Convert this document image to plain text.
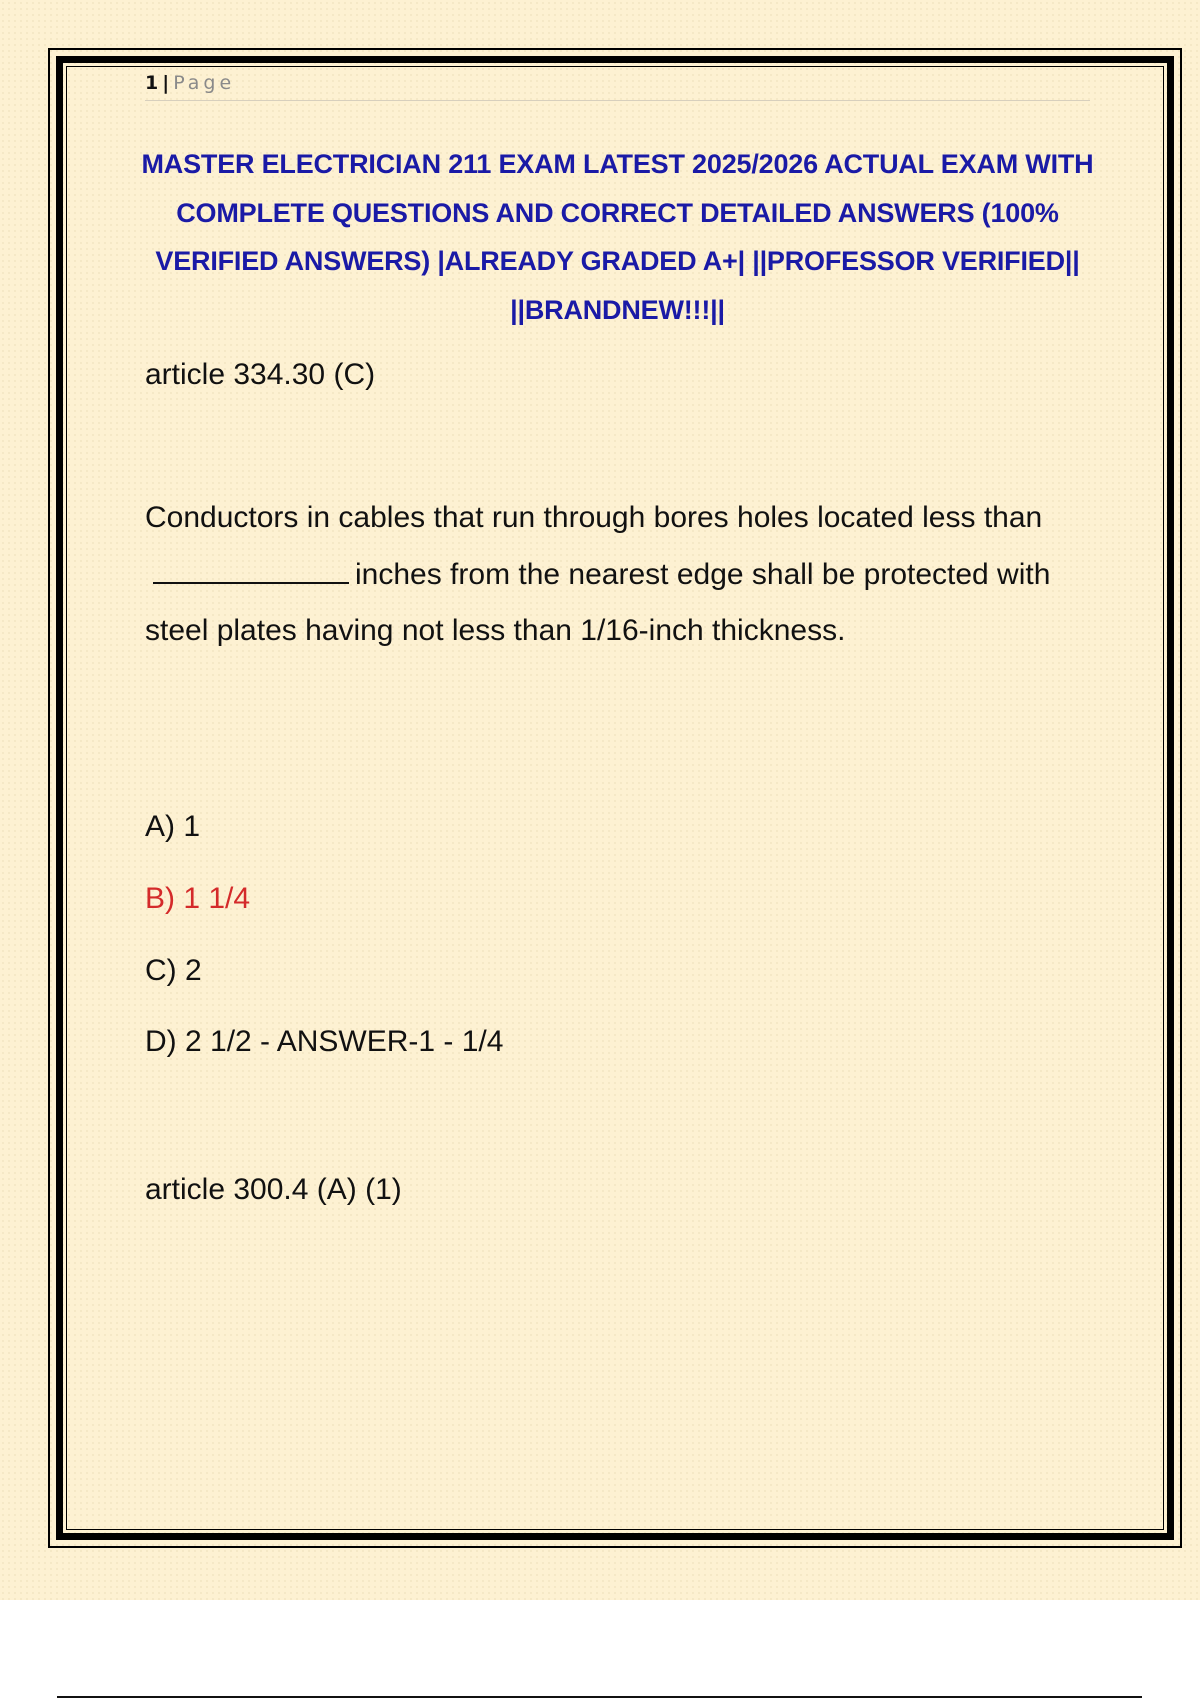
1 | Page
MASTER ELECTRICIAN 211 EXAM LATEST 2025/2026 ACTUAL EXAM WITH COMPLETE QUESTIONS AND CORRECT DETAILED ANSWERS (100% VERIFIED ANSWERS) |ALREADY GRADED A+| ||PROFESSOR VERIFIED|| ||BRANDNEW!!!||
article 334.30 (C)
Conductors in cables that run through bores holes located less thaninches from the nearest edge shall be protected with steel plates having not less than 1/16-inch thickness.
A) 1
B) 1 1/4
C) 2
D) 2 1/2 - ANSWER-1 - 1/4
article 300.4 (A) (1)
